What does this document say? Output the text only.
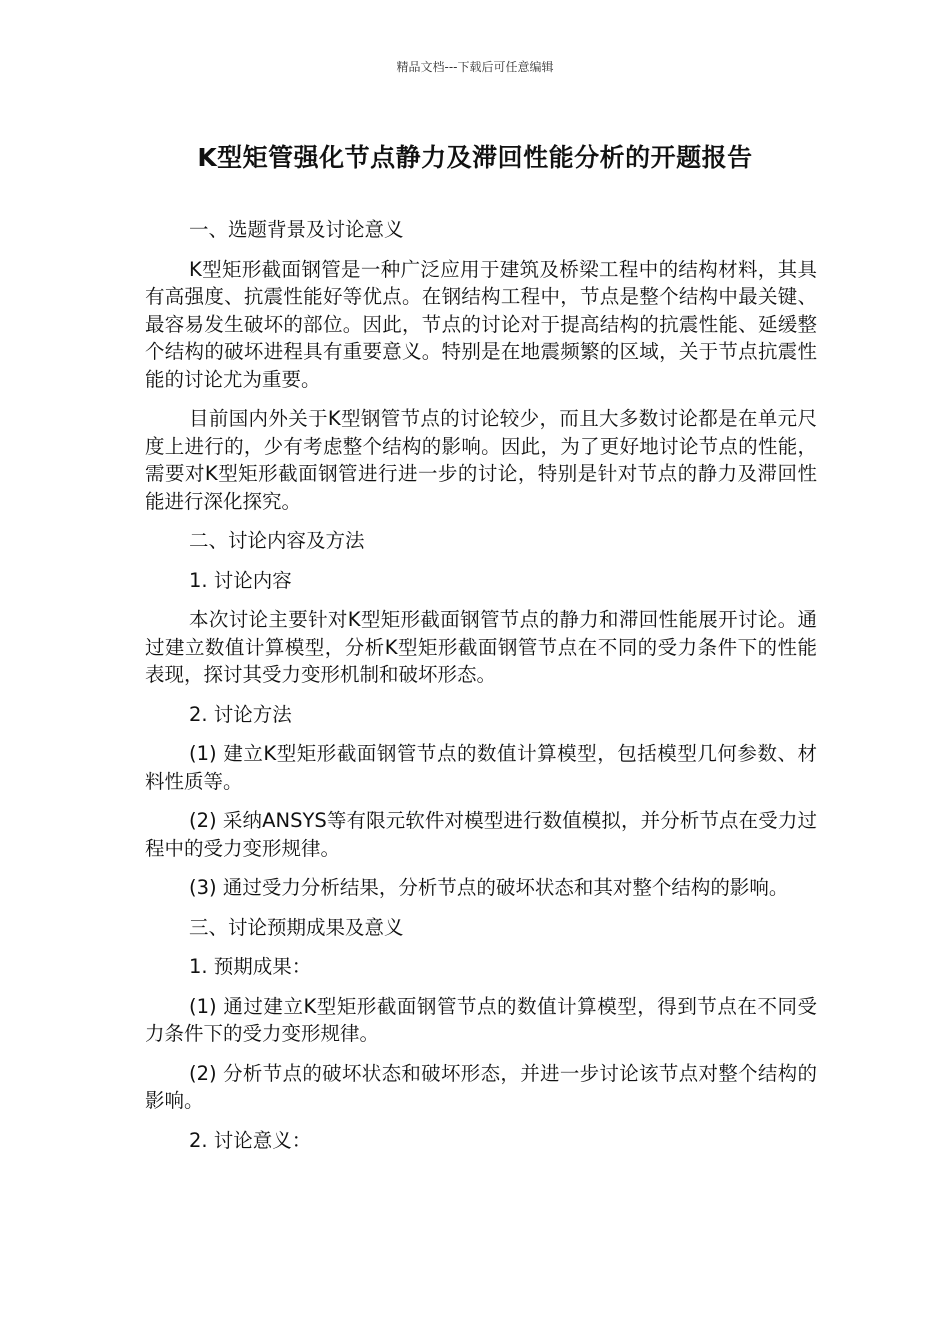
精品文档---下载后可任意编辑
K型矩管强化节点静力及滞回性能分析的开题报告

一、选题背景及讨论意义

K型矩形截面钢管是一种广泛应用于建筑及桥梁工程中的结构材料，其具有高强度、抗震性能好等优点。在钢结构工程中，节点是整个结构中最关键、最容易发生破坏的部位。因此，节点的讨论对于提高结构的抗震性能、延缓整个结构的破坏进程具有重要意义。特别是在地震频繁的区域，关于节点抗震性能的讨论尤为重要。

目前国内外关于K型钢管节点的讨论较少，而且大多数讨论都是在单元尺度上进行的，少有考虑整个结构的影响。因此，为了更好地讨论节点的性能，需要对K型矩形截面钢管进行进一步的讨论，特别是针对节点的静力及滞回性能进行深化探究。

二、讨论内容及方法

1. 讨论内容

本次讨论主要针对K型矩形截面钢管节点的静力和滞回性能展开讨论。通过建立数值计算模型，分析K型矩形截面钢管节点在不同的受力条件下的性能表现，探讨其受力变形机制和破坏形态。

2. 讨论方法

(1) 建立K型矩形截面钢管节点的数值计算模型，包括模型几何参数、材料性质等。

(2) 采纳ANSYS等有限元软件对模型进行数值模拟，并分析节点在受力过程中的受力变形规律。

(3) 通过受力分析结果，分析节点的破坏状态和其对整个结构的影响。

三、讨论预期成果及意义

1. 预期成果：

(1) 通过建立K型矩形截面钢管节点的数值计算模型，得到节点在不同受力条件下的受力变形规律。

(2) 分析节点的破坏状态和破坏形态，并进一步讨论该节点对整个结构的影响。

2. 讨论意义：
